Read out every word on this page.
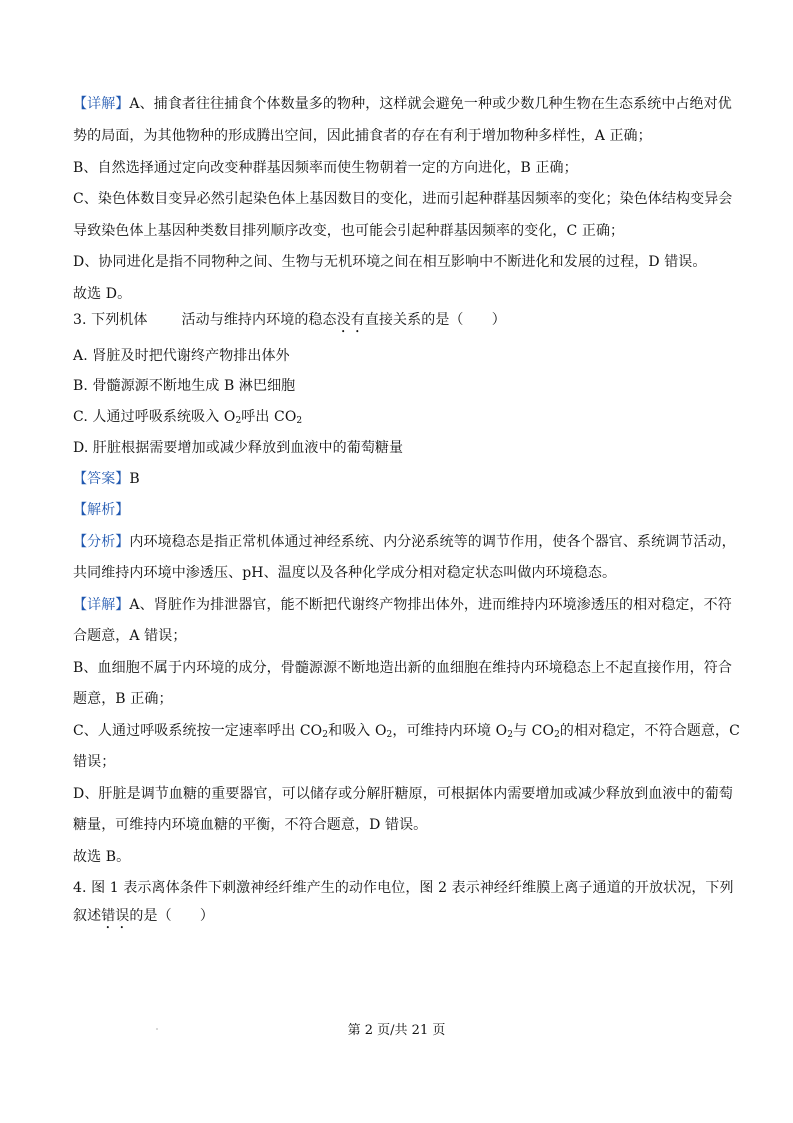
【详解】A、捕食者往往捕食个体数量多的物种，这样就会避免一种或少数几种生物在生态系统中占绝对优
势的局面，为其他物种的形成腾出空间，因此捕食者的存在有利于增加物种多样性，A 正确；
B、自然选择通过定向改变种群基因频率而使生物朝着一定的方向进化，B 正确；
C、染色体数目变异必然引起染色体上基因数目的变化，进而引起种群基因频率的变化；染色体结构变异会
导致染色体上基因种类数目排列顺序改变，也可能会引起种群基因频率的变化，C 正确；
D、协同进化是指不同物种之间、生物与无机环境之间在相互影响中不断进化和发展的过程，D 错误。
故选 D。
3. 下列机体 活动与维持内环境的稳态没有直接关系的是（　　）
A. 肾脏及时把代谢终产物排出体外
B. 骨髓源源不断地生成 B 淋巴细胞
C. 人通过呼吸系统吸入 $O_2$呼出 $CO_2$
D. 肝脏根据需要增加或减少释放到血液中的葡萄糖量
【答案】B
【解析】
【分析】内环境稳态是指正常机体通过神经系统、内分泌系统等的调节作用，使各个器官、系统调节活动，
共同维持内环境中渗透压、pH、温度以及各种化学成分相对稳定状态叫做内环境稳态。
【详解】A、肾脏作为排泄器官，能不断把代谢终产物排出体外，进而维持内环境渗透压的相对稳定，不符
合题意，A 错误；
B、血细胞不属于内环境的成分，骨髓源源不断地造出新的血细胞在维持内环境稳态上不起直接作用，符合
题意，B 正确；
C、人通过呼吸系统按一定速率呼出 $CO_2$和吸入 $O_2$，可维持内环境 $O_2$与 $CO_2$的相对稳定，不符合题意，C
错误；
D、肝脏是调节血糖的重要器官，可以储存或分解肝糖原，可根据体内需要增加或减少释放到血液中的葡萄
糖量，可维持内环境血糖的平衡，不符合题意，D 错误。
故选 B。
4. 图 1 表示离体条件下刺激神经纤维产生的动作电位，图 2 表示神经纤维膜上离子通道的开放状况，下列
叙述错误的是（　　）
第 2 页/共 21 页
